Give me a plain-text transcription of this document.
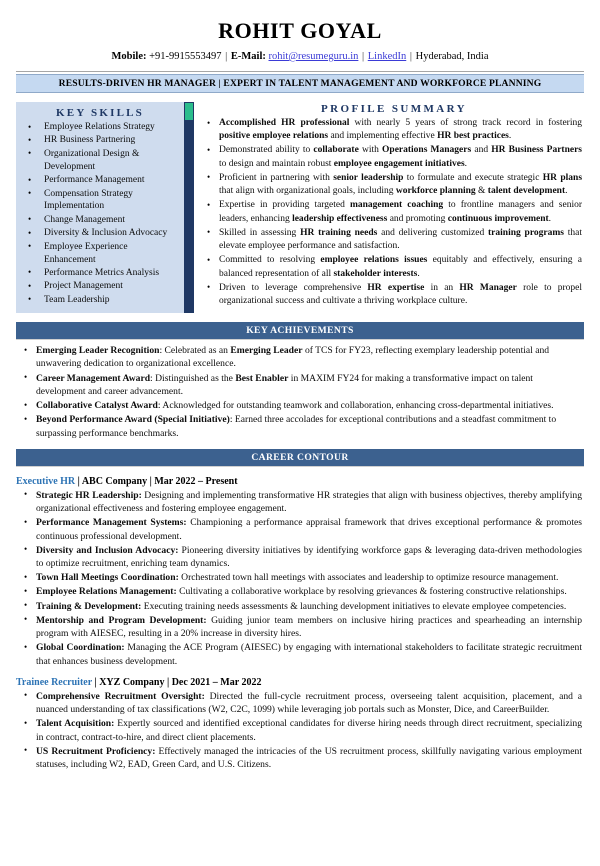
ROHIT GOYAL
Mobile: +91-9915553497 | E-Mail: rohit@resumeguru.in | LinkedIn | Hyderabad, India
RESULTS-DRIVEN HR MANAGER | EXPERT IN TALENT MANAGEMENT AND WORKFORCE PLANNING
KEY SKILLS
• Employee Relations Strategy
• HR Business Partnering
• Organizational Design & Development
• Performance Management
• Compensation Strategy Implementation
• Change Management
• Diversity & Inclusion Advocacy
• Employee Experience Enhancement
• Performance Metrics Analysis
• Project Management
• Team Leadership
PROFILE SUMMARY
• Accomplished HR professional with nearly 5 years of strong track record in fostering positive employee relations and implementing effective HR best practices.
• Demonstrated ability to collaborate with Operations Managers and HR Business Partners to design and maintain robust employee engagement initiatives.
• Proficient in partnering with senior leadership to formulate and execute strategic HR plans that align with organizational goals, including workforce planning & talent development.
• Expertise in providing targeted management coaching to frontline managers and senior leaders, enhancing leadership effectiveness and promoting continuous improvement.
• Skilled in assessing HR training needs and delivering customized training programs that elevate employee performance and satisfaction.
• Committed to resolving employee relations issues equitably and effectively, ensuring a balanced representation of all stakeholder interests.
• Driven to leverage comprehensive HR expertise in an HR Manager role to propel organizational success and cultivate a thriving workplace culture.
KEY ACHIEVEMENTS
• Emerging Leader Recognition: Celebrated as an Emerging Leader of TCS for FY23, reflecting exemplary leadership potential and unwavering dedication to organizational excellence.
• Career Management Award: Distinguished as the Best Enabler in MAXIM FY24 for making a transformative impact on talent development and career advancement.
• Collaborative Catalyst Award: Acknowledged for outstanding teamwork and collaboration, enhancing cross-departmental initiatives.
• Beyond Performance Award (Special Initiative): Earned three accolades for exceptional contributions and a steadfast commitment to surpassing performance benchmarks.
CAREER CONTOUR
Executive HR | ABC Company | Mar 2022 – Present
• Strategic HR Leadership: Designing and implementing transformative HR strategies that align with business objectives, thereby amplifying organizational effectiveness and fostering employee engagement.
• Performance Management Systems: Championing a performance appraisal framework that drives exceptional performance & promotes continuous professional development.
• Diversity and Inclusion Advocacy: Pioneering diversity initiatives by identifying workforce gaps & leveraging data-driven methodologies to optimize recruitment, enriching team dynamics.
• Town Hall Meetings Coordination: Orchestrated town hall meetings with associates and leadership to optimize resource management.
• Employee Relations Management: Cultivating a collaborative workplace by resolving grievances & fostering constructive relationships.
• Training & Development: Executing training needs assessments & launching development initiatives to elevate employee competencies.
• Mentorship and Program Development: Guiding junior team members on inclusive hiring practices and spearheading an internship program with AIESEC, resulting in a 20% increase in diversity hires.
• Global Coordination: Managing the ACE Program (AIESEC) by engaging with international stakeholders to facilitate strategic recruitment that enhances business development.
Trainee Recruiter | XYZ Company | Dec 2021 – Mar 2022
• Comprehensive Recruitment Oversight: Directed the full-cycle recruitment process, overseeing talent acquisition, placement, and a nuanced understanding of tax classifications (W2, C2C, 1099) while leveraging job portals such as Monster, Dice, and CareerBuilder.
• Talent Acquisition: Expertly sourced and identified exceptional candidates for diverse hiring needs through direct recruitment, specializing in contract, contract-to-hire, and direct client placements.
• US Recruitment Proficiency: Effectively managed the intricacies of the US recruitment process, skillfully navigating various employment statuses, including W2, EAD, Green Card, and U.S. Citizens.
